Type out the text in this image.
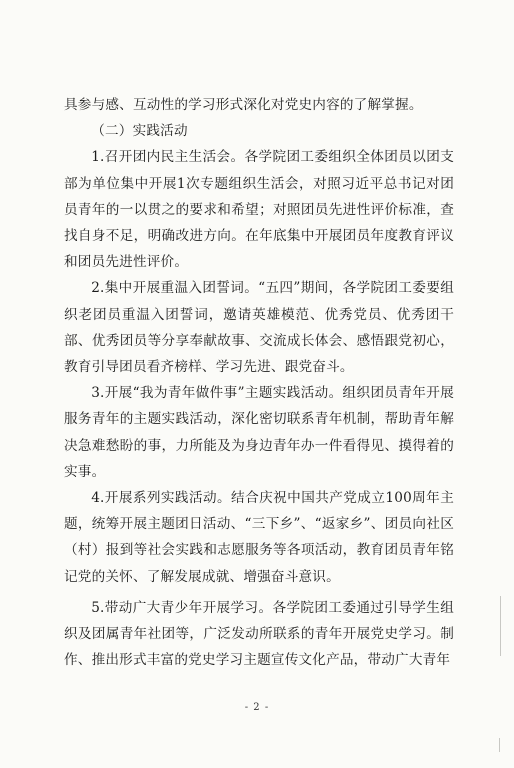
具参与感、互动性的学习形式深化对党史内容的了解掌握。

（二）实践活动

1.召开团内民主生活会。各学院团工委组织全体团员以团支部为单位集中开展1次专题组织生活会，对照习近平总书记对团员青年的一以贯之的要求和希望；对照团员先进性评价标准，查找自身不足，明确改进方向。在年底集中开展团员年度教育评议和团员先进性评价。

2.集中开展重温入团誓词。“五四”期间，各学院团工委要组织老团员重温入团誓词，邀请英雄模范、优秀党员、优秀团干部、优秀团员等分享奉献故事、交流成长体会、感悟跟党初心，教育引导团员看齐榜样、学习先进、跟党奋斗。

3.开展“我为青年做件事”主题实践活动。组织团员青年开展服务青年的主题实践活动，深化密切联系青年机制，帮助青年解决急难愁盼的事，力所能及为身边青年办一件看得见、摸得着的实事。

4.开展系列实践活动。结合庆祝中国共产党成立100周年主题，统筹开展主题团日活动、“三下乡”、“返家乡”、团员向社区（村）报到等社会实践和志愿服务等各项活动，教育团员青年铭记党的关怀、了解发展成就、增强奋斗意识。

5.带动广大青少年开展学习。各学院团工委通过引导学生组织及团属青年社团等，广泛发动所联系的青年开展党史学习。制作、推出形式丰富的党史学习主题宣传文化产品，带动广大青年

- 2 -
